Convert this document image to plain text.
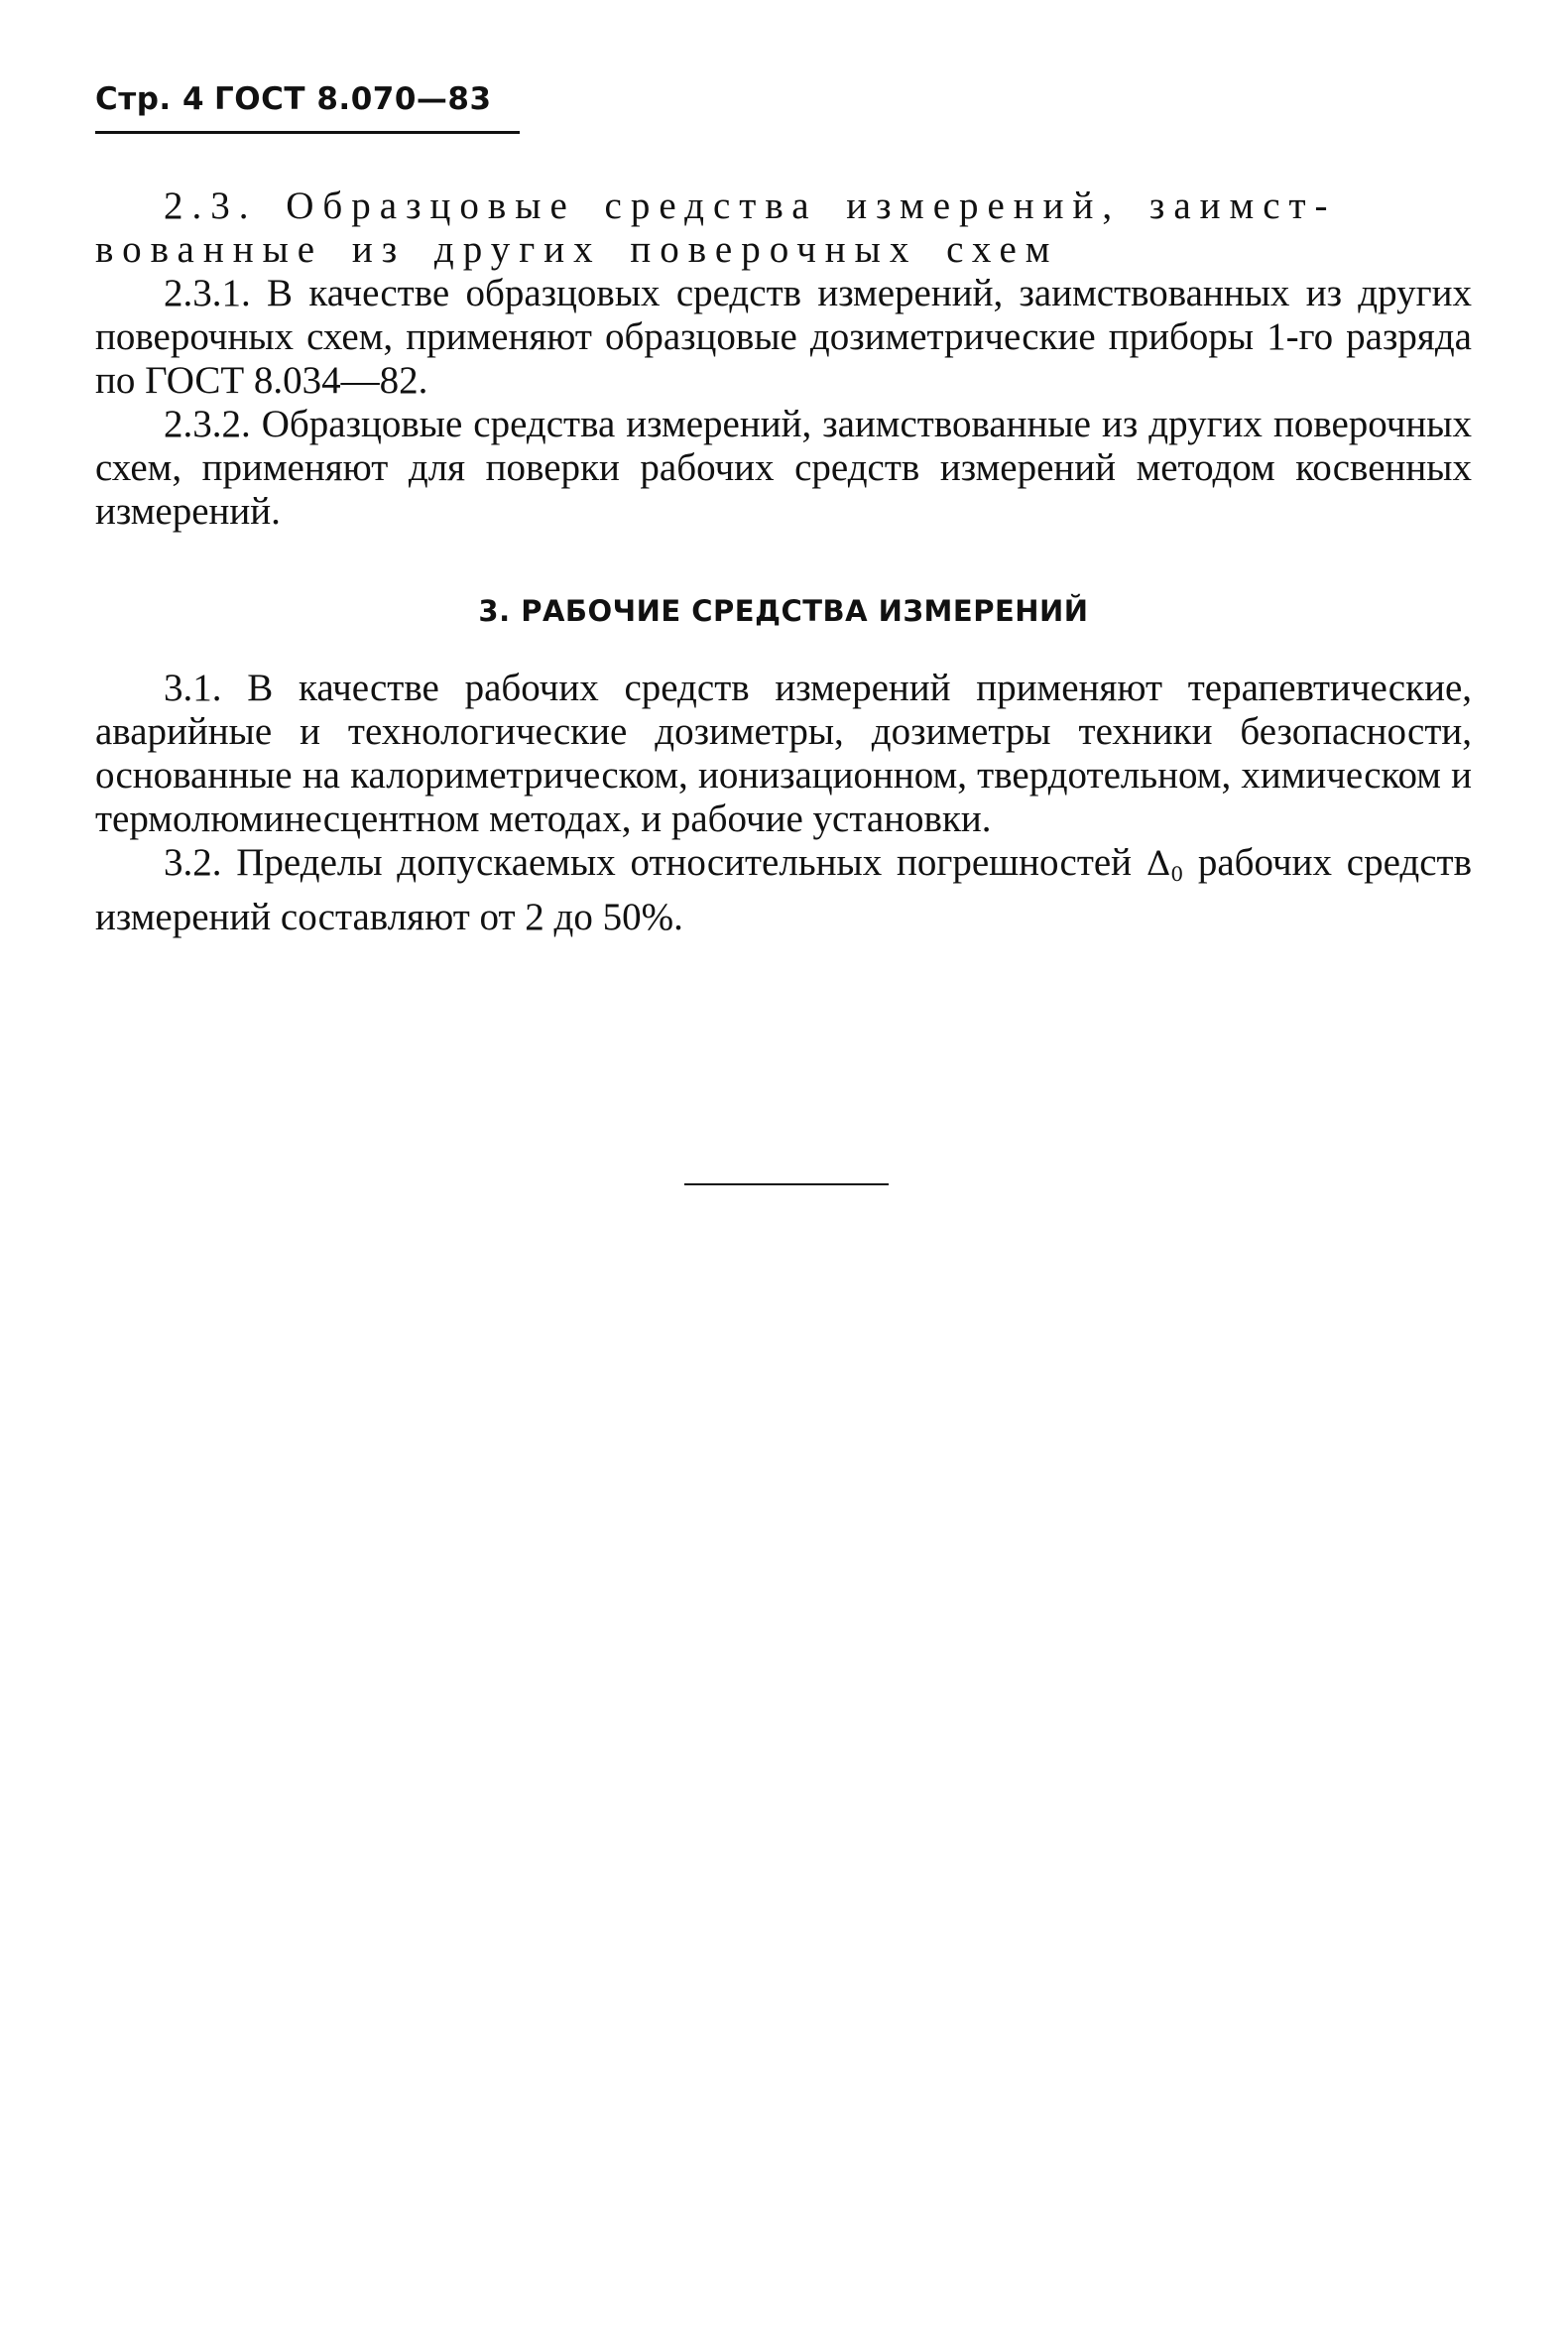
Стр. 4 ГОСТ 8.070—83

2.3. Образцовые средства измерений, заимст-

вованные из других поверочных схем

2.3.1. В качестве образцовых средств измерений, заимствованных из других поверочных схем, применяют образцовые дозиметрические приборы 1-го разряда по ГОСТ 8.034—82.

2.3.2. Образцовые средства измерений, заимствованные из других поверочных схем, применяют для поверки рабочих средств измерений методом косвенных измерений.

3. РАБОЧИЕ СРЕДСТВА ИЗМЕРЕНИЙ

3.1. В качестве рабочих средств измерений применяют терапевтические, аварийные и технологические дозиметры, дозиметры техники безопасности, основанные на калориметрическом, ионизационном, твердотельном, химическом и термолюминесцентном методах, и рабочие установки.

3.2. Пределы допускаемых относительных погрешностей $\Delta_0$ рабочих средств измерений составляют от 2 до 50%.
